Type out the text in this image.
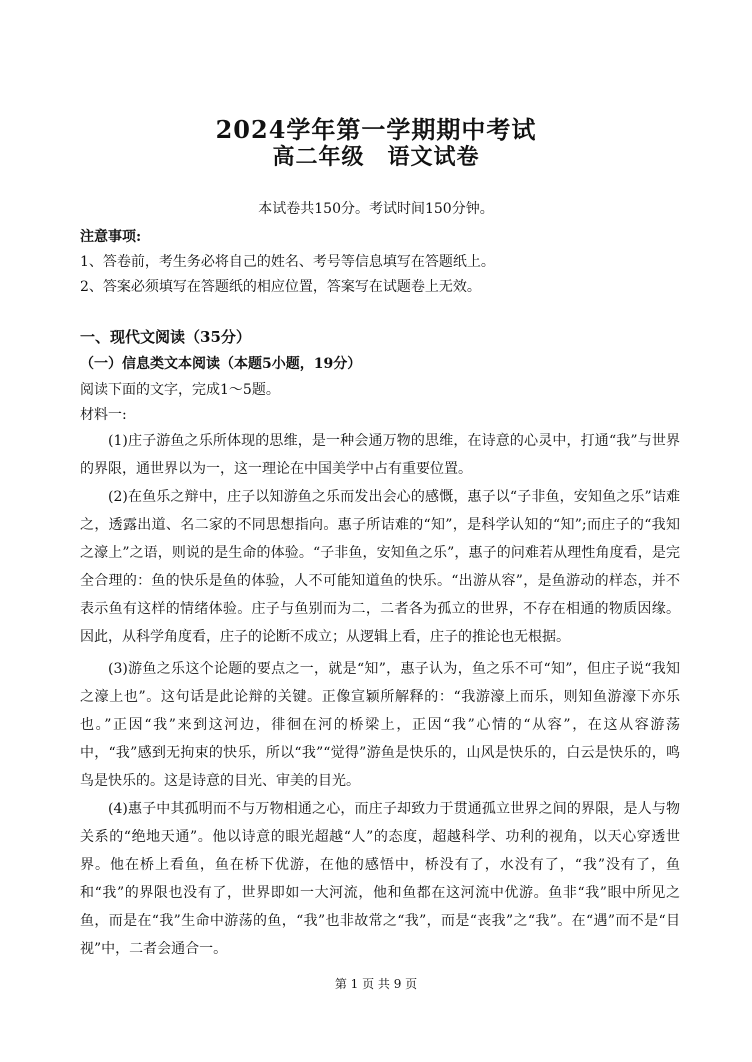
2024学年第一学期期中考试
高二年级　语文试卷
本试卷共150分。考试时间150分钟。
注意事项:
1、答卷前，考生务必将自己的姓名、考号等信息填写在答题纸上。
2、答案必须填写在答题纸的相应位置，答案写在试题卷上无效。
一、现代文阅读（35分）
（一）信息类文本阅读（本题5小题，19分）
阅读下面的文字，完成1～5题。
材料一:
(1)庄子游鱼之乐所体现的思维，是一种会通万物的思维，在诗意的心灵中，打通“我”与世界的界限，通世界以为一，这一理论在中国美学中占有重要位置。
(2)在鱼乐之辩中，庄子以知游鱼之乐而发出会心的感慨，惠子以“子非鱼，安知鱼之乐”诘难之，透露出道、名二家的不同思想指向。惠子所诘难的“知”，是科学认知的“知”;而庄子的“我知之濠上”之语，则说的是生命的体验。“子非鱼，安知鱼之乐”，惠子的问难若从理性角度看，是完全合理的：鱼的快乐是鱼的体验，人不可能知道鱼的快乐。“出游从容”，是鱼游动的样态，并不表示鱼有这样的情绪体验。庄子与鱼别而为二，二者各为孤立的世界，不存在相通的物质因缘。因此，从科学角度看，庄子的论断不成立；从逻辑上看，庄子的推论也无根据。
(3)游鱼之乐这个论题的要点之一，就是“知”，惠子认为，鱼之乐不可“知”，但庄子说“我知之濠上也”。这句话是此论辩的关键。正像宣颖所解释的：“我游濠上而乐，则知鱼游濠下亦乐也。”正因“我”来到这河边，徘徊在河的桥梁上，正因“我”心情的“从容”，在这从容游荡中，“我”感到无拘束的快乐，所以“我”“觉得”游鱼是快乐的，山风是快乐的，白云是快乐的，鸣鸟是快乐的。这是诗意的目光、审美的目光。
(4)惠子中其孤明而不与万物相通之心，而庄子却致力于贯通孤立世界之间的界限，是人与物关系的“绝地天通”。他以诗意的眼光超越“人”的态度，超越科学、功利的视角，以天心穿透世界。他在桥上看鱼，鱼在桥下优游，在他的感悟中，桥没有了，水没有了，“我”没有了，鱼和“我”的界限也没有了，世界即如一大河流，他和鱼都在这河流中优游。鱼非“我”眼中所见之鱼，而是在“我”生命中游荡的鱼，“我”也非故常之“我”，而是“丧我”之“我”。在“遇”而不是“目视”中，二者会通合一。
第 1 页 共 9 页
